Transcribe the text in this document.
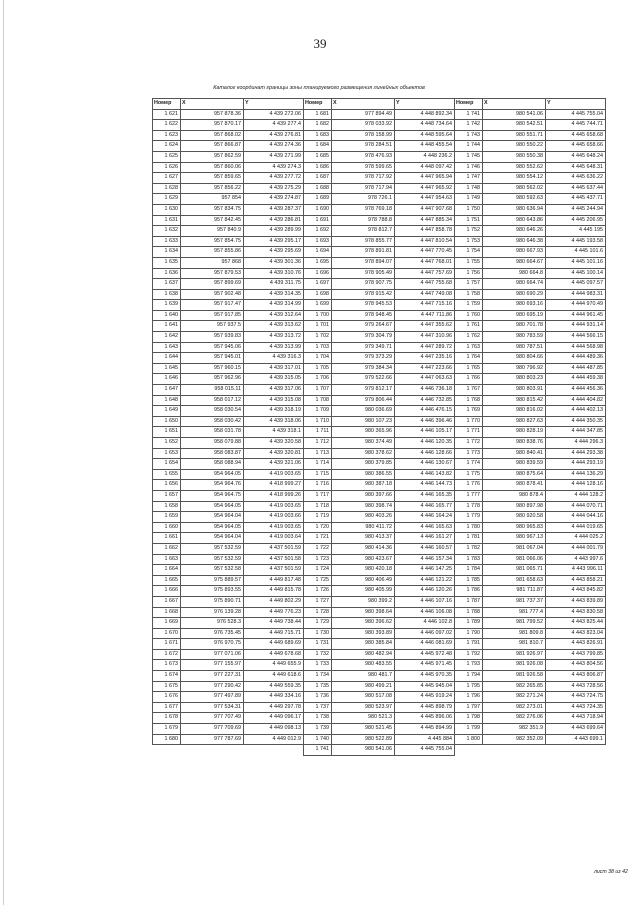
39
Каталог координат границы зоны планируемого размещения линейных объектов
Номер	X	Y	Номер	X	Y	Номер	X	Y
1 621	957 878.36	4 439 272.06	1 681	977 894.49	4 448 892.34	1 741	980 541.06	4 445 755.04
1 622	957 870.17	4 439 277.4	1 682	978 033.92	4 448 734.64	1 742	980 542.51	4 445 744.71
1 623	957 868.02	4 439 276.81	1 683	978 158.99	4 448 595.64	1 743	980 551.71	4 445 658.68
1 624	957 866.87	4 439 274.36	1 684	978 284.51	4 448 455.54	1 744	980 550.22	4 445 658.66
1 625	957 862.59	4 439 271.99	1 685	978 476.93	4 448 236.2	1 745	980 550.38	4 445 648.24
1 626	957 860.06	4 439 274.3	1 686	978 599.65	4 448 097.42	1 746	980 552.62	4 445 648.31
1 627	957 859.65	4 439 277.72	1 687	978 717.92	4 447 965.94	1 747	980 554.12	4 445 636.22
1 628	957 856.22	4 439 275.29	1 688	978 717.94	4 447 965.92	1 748	980 562.02	4 445 637.44
1 629	957 854	4 439 274.87	1 689	978 726.1	4 447 954.63	1 749	980 592.63	4 445 437.71
1 630	957 834.75	4 439 287.37	1 690	978 769.18	4 447 907.68	1 750	980 636.94	4 445 244.94
1 631	957 842.45	4 439 286.81	1 691	978 788.8	4 447 885.34	1 751	980 643.86	4 445 206.95
1 632	957 840.9	4 439 289.99	1 692	978 812.7	4 447 858.78	1 752	980 646.26	4 445 195
1 633	957 854.75	4 439 295.17	1 693	978 855.77	4 447 810.54	1 753	980 646.38	4 445 193.58
1 634	957 855.86	4 439 295.69	1 694	978 891.81	4 447 770.45	1 754	980 667.93	4 445 101.6
1 635	957 868	4 439 301.36	1 695	978 894.07	4 447 768.01	1 755	980 664.67	4 445 101.16
1 636	957 879.53	4 439 310.76	1 696	978 905.49	4 447 757.69	1 756	980 664.8	4 445 100.14
1 637	957 899.69	4 439 311.75	1 697	978 907.75	4 447 755.68	1 757	980 664.74	4 445 097.57
1 638	957 902.48	4 439 314.35	1 698	978 915.42	4 447 749.08	1 758	980 690.29	4 444 983.31
1 639	957 917.47	4 439 314.99	1 699	978 945.53	4 447 715.16	1 759	980 693.16	4 444 970.49
1 640	957 917.85	4 439 312.64	1 700	978 948.45	4 447 711.86	1 760	980 695.19	4 444 961.45
1 641	957 937.5	4 439 313.62	1 701	979 264.67	4 447 355.62	1 761	980 701.78	4 444 931.14
1 642	957 939.83	4 439 313.72	1 702	979 304.79	4 447 310.96	1 762	980 783.59	4 444 566.15
1 643	957 945.06	4 439 313.99	1 703	979 349.71	4 447 289.72	1 763	980 787.51	4 444 568.98
1 644	957 945.01	4 439 316.3	1 704	979 373.29	4 447 235.16	1 764	980 804.66	4 444 489.36
1 645	957 960.15	4 439 317.01	1 705	979 384.34	4 447 223.66	1 765	980 796.92	4 444 487.85
1 646	957 962.96	4 439 315.05	1 706	979 522.66	4 447 063.63	1 766	980 803.23	4 444 459.38
1 647	958 015.11	4 439 317.06	1 707	979 812.17	4 446 736.18	1 767	980 803.91	4 444 456.36
1 648	958 017.12	4 439 315.08	1 708	979 806.44	4 446 732.85	1 768	980 815.42	4 444 404.82
1 649	958 030.54	4 439 318.19	1 709	980 036.69	4 446 476.15	1 769	980 816.02	4 444 402.13
1 650	958 030.42	4 439 318.06	1 710	980 107.23	4 446 396.46	1 770	980 827.63	4 444 350.35
1 651	958 031.78	4 439 318.1	1 711	980 365.96	4 446 105.17	1 771	980 828.19	4 444 347.85
1 652	958 079.88	4 439 320.58	1 712	980 374.49	4 446 120.35	1 772	980 838.76	4 444 296.3
1 653	958 083.87	4 439 320.81	1 713	980 378.62	4 446 128.66	1 773	980 840.41	4 444 293.38
1 654	958 088.94	4 439 321.06	1 714	980 379.85	4 446 130.67	1 774	980 839.59	4 444 293.19
1 655	954 964.05	4 419 003.65	1 715	980 386.55	4 446 143.82	1 775	980 875.64	4 444 136.29
1 656	954 964.76	4 418 999.27	1 716	980 387.18	4 446 144.73	1 776	980 878.41	4 444 128.16
1 657	954 964.75	4 418 999.26	1 717	980 397.66	4 446 165.35	1 777	980 878.4	4 444 128.2
1 658	954 964.05	4 419 003.65	1 718	980 398.74	4 446 165.77	1 778	980 897.98	4 444 070.71
1 659	954 964.04	4 419 003.66	1 719	980 403.26	4 446 164.24	1 779	980 920.58	4 444 044.16
1 660	954 964.05	4 419 003.65	1 720	980 411.72	4 446 165.63	1 780	980 965.83	4 444 019.65
1 661	954 964.04	4 419 003.64	1 721	980 413.37	4 446 161.27	1 781	980 967.13	4 444 025.2
1 662	957 532.59	4 437 501.59	1 722	980 414.36	4 446 160.57	1 782	981 067.04	4 444 001.79
1 663	957 532.59	4 437 501.58	1 723	980 423.67	4 446 157.34	1 783	981 066.06	4 443 997.6
1 664	957 532.58	4 437 501.59	1 724	980 420.18	4 446 147.25	1 784	981 065.71	4 443 996.11
1 665	975 889.57	4 449 817.48	1 725	980 406.49	4 446 121.22	1 785	981 658.63	4 443 858.21
1 666	975 893.55	4 449 815.78	1 726	980 405.99	4 446 120.26	1 786	981 711.87	4 443 845.82
1 667	975 890.71	4 449 802.29	1 727	980 399.2	4 446 107.16	1 787	981 737.37	4 443 839.89
1 668	976 139.28	4 449 776.23	1 728	980 398.64	4 446 106.08	1 788	981 777.4	4 443 830.58
1 669	976 528.3	4 449 738.44	1 729	980 396.62	4 446 102.8	1 789	981 799.52	4 443 825.44
1 670	976 735.45	4 449 715.71	1 730	980 393.89	4 446 097.02	1 790	981 809.8	4 443 823.04
1 671	976 970.75	4 449 689.69	1 731	980 385.84	4 446 081.69	1 791	981 810.7	4 443 826.91
1 672	977 071.06	4 449 678.68	1 732	980 482.94	4 445 972.48	1 792	981 926.97	4 443 799.85
1 673	977 155.97	4 449 655.9	1 733	980 483.55	4 445 971.45	1 793	981 926.08	4 443 804.56
1 674	977 227.31	4 449 618.6	1 734	980 481.7	4 445 970.35	1 794	981 926.58	4 443 806.87
1 675	977 290.42	4 449 559.35	1 735	980 499.21	4 445 945.04	1 795	982 265.85	4 443 728.56
1 676	977 497.89	4 449 334.16	1 736	980 517.08	4 445 919.24	1 796	982 271.24	4 443 724.75
1 677	977 534.31	4 449 297.78	1 737	980 523.97	4 445 898.79	1 797	982 273.01	4 443 724.35
1 678	977 707.49	4 449 096.17	1 738	980 521.3	4 445 896.06	1 798	982 276.06	4 443 718.94
1 679	977 709.69	4 449 098.13	1 739	980 521.45	4 445 894.99	1 799	982 351.9	4 443 699.64
1 680	977 787.69	4 449 012.9	1 740	980 522.89	4 445 884	1 800	982 352.09	4 443 699.1
			1 741	980 541.06	4 445 755.04			
лист 38 из 42
